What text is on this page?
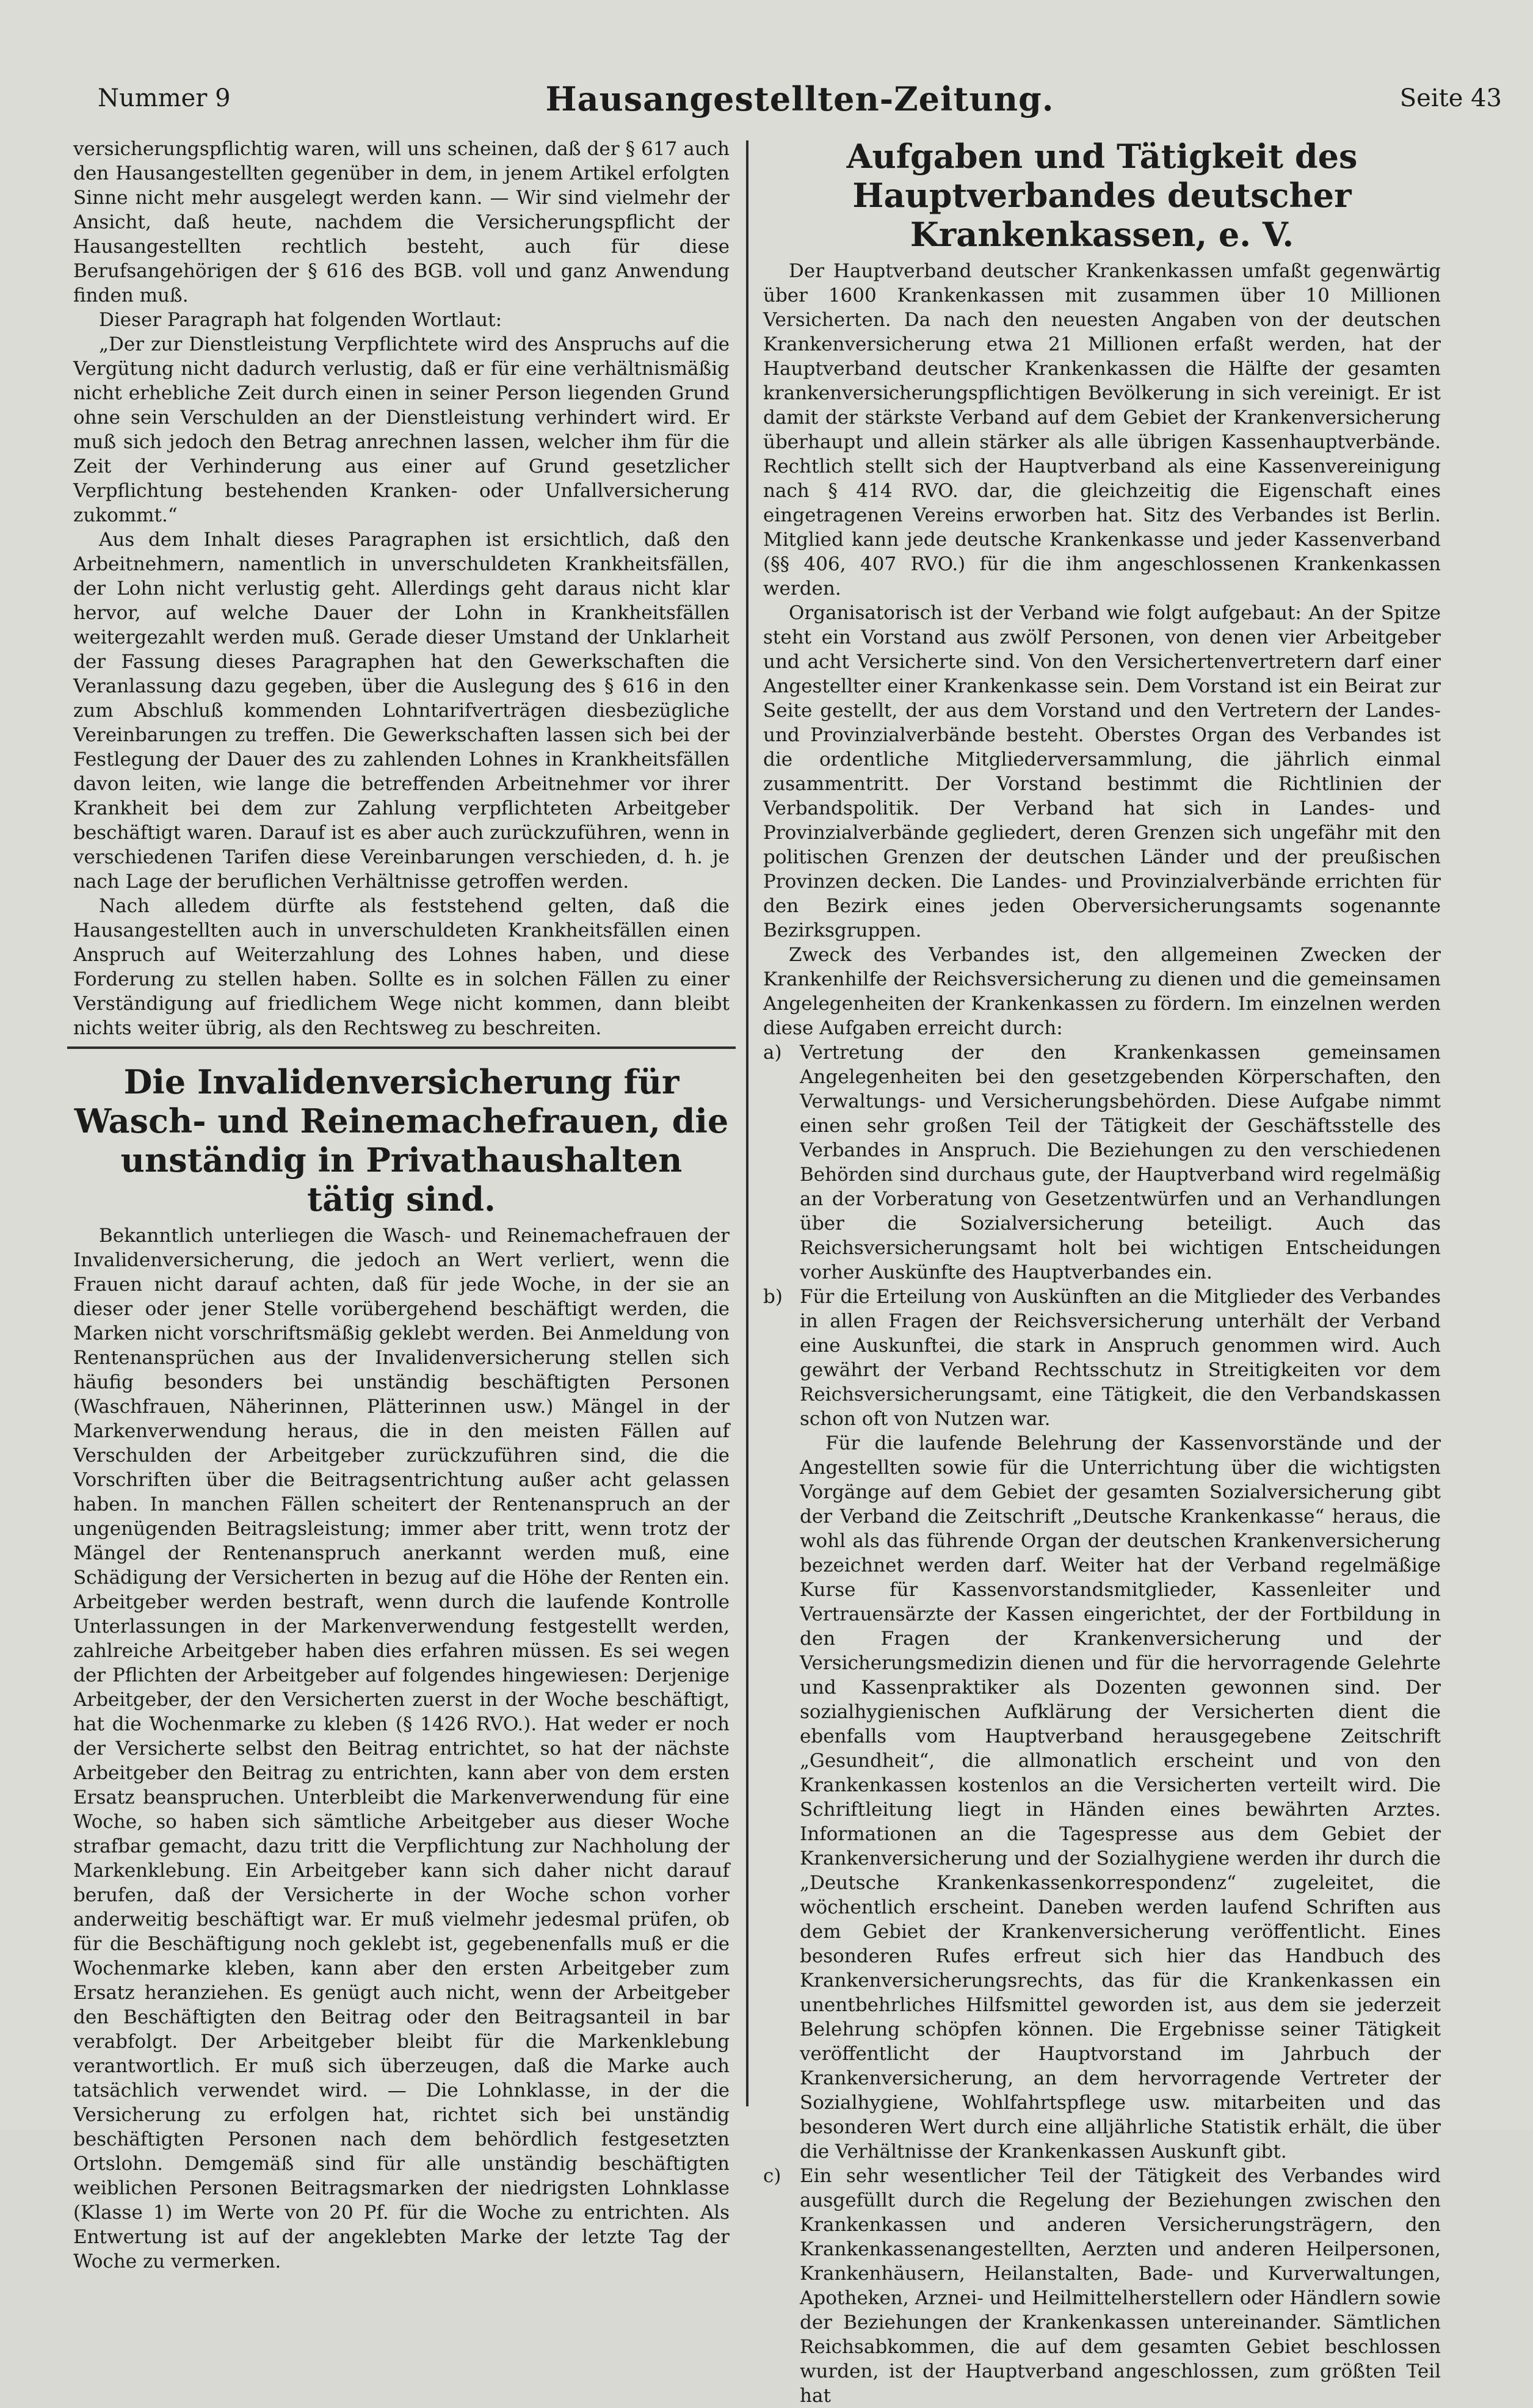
Nummer 9	Hausangestellten-Zeitung.	Seite 43

versicherungspflichtig waren, will uns scheinen, daß der § 617 auch den Hausangestellten gegenüber in dem, in jenem Artikel erfolgten Sinne nicht mehr ausgelegt werden kann. — Wir sind vielmehr der Ansicht, daß heute, nachdem die Versicherungspflicht der Hausangestellten rechtlich besteht, auch für diese Berufsangehörigen der § 616 des BGB. voll und ganz Anwendung finden muß.

Dieser Paragraph hat folgenden Wortlaut:

„Der zur Dienstleistung Verpflichtete wird des Anspruchs auf die Vergütung nicht dadurch verlustig, daß er für eine verhältnismäßig nicht erhebliche Zeit durch einen in seiner Person liegenden Grund ohne sein Verschulden an der Dienstleistung verhindert wird. Er muß sich jedoch den Betrag anrechnen lassen, welcher ihm für die Zeit der Verhinderung aus einer auf Grund gesetzlicher Verpflichtung bestehenden Kranken- oder Unfallversicherung zukommt.“

Aus dem Inhalt dieses Paragraphen ist ersichtlich, daß den Arbeitnehmern, namentlich in unverschuldeten Krankheitsfällen, der Lohn nicht verlustig geht. Allerdings geht daraus nicht klar hervor, auf welche Dauer der Lohn in Krankheitsfällen weitergezahlt werden muß. Gerade dieser Umstand der Unklarheit der Fassung dieses Paragraphen hat den Gewerkschaften die Veranlassung dazu gegeben, über die Auslegung des § 616 in den zum Abschluß kommenden Lohntarifverträgen diesbezügliche Vereinbarungen zu treffen. Die Gewerkschaften lassen sich bei der Festlegung der Dauer des zu zahlenden Lohnes in Krankheitsfällen davon leiten, wie lange die betreffenden Arbeitnehmer vor ihrer Krankheit bei dem zur Zahlung verpflichteten Arbeitgeber beschäftigt waren. Darauf ist es aber auch zurückzuführen, wenn in verschiedenen Tarifen diese Vereinbarungen verschieden, d. h. je nach Lage der beruflichen Verhältnisse getroffen werden.

Nach alledem dürfte als feststehend gelten, daß die Hausangestellten auch in unverschuldeten Krankheitsfällen einen Anspruch auf Weiterzahlung des Lohnes haben, und diese Forderung zu stellen haben. Sollte es in solchen Fällen zu einer Verständigung auf friedlichem Wege nicht kommen, dann bleibt nichts weiter übrig, als den Rechtsweg zu beschreiten.

Die Invalidenversicherung für Wasch- und Reinemachefrauen, die unständig in Privathaushalten tätig sind.

Bekanntlich unterliegen die Wasch- und Reinemachefrauen der Invalidenversicherung, die jedoch an Wert verliert, wenn die Frauen nicht darauf achten, daß für jede Woche, in der sie an dieser oder jener Stelle vorübergehend beschäftigt werden, die Marken nicht vorschriftsmäßig geklebt werden. Bei Anmeldung von Rentenansprüchen aus der Invalidenversicherung stellen sich häufig besonders bei unständig beschäftigten Personen (Waschfrauen, Näherinnen, Plätterinnen usw.) Mängel in der Markenverwendung heraus, die in den meisten Fällen auf Verschulden der Arbeitgeber zurückzuführen sind, die die Vorschriften über die Beitragsentrichtung außer acht gelassen haben. In manchen Fällen scheitert der Rentenanspruch an der ungenügenden Beitragsleistung; immer aber tritt, wenn trotz der Mängel der Rentenanspruch anerkannt werden muß, eine Schädigung der Versicherten in bezug auf die Höhe der Renten ein. Arbeitgeber werden bestraft, wenn durch die laufende Kontrolle Unterlassungen in der Markenverwendung festgestellt werden, zahlreiche Arbeitgeber haben dies erfahren müssen. Es sei wegen der Pflichten der Arbeitgeber auf folgendes hingewiesen: Derjenige Arbeitgeber, der den Versicherten zuerst in der Woche beschäftigt, hat die Wochenmarke zu kleben (§ 1426 RVO.). Hat weder er noch der Versicherte selbst den Beitrag entrichtet, so hat der nächste Arbeitgeber den Beitrag zu entrichten, kann aber von dem ersten Ersatz beanspruchen. Unterbleibt die Markenverwendung für eine Woche, so haben sich sämtliche Arbeitgeber aus dieser Woche strafbar gemacht, dazu tritt die Verpflichtung zur Nachholung der Markenklebung. Ein Arbeitgeber kann sich daher nicht darauf berufen, daß der Versicherte in der Woche schon vorher anderweitig beschäftigt war. Er muß vielmehr jedesmal prüfen, ob für die Beschäftigung noch geklebt ist, gegebenenfalls muß er die Wochenmarke kleben, kann aber den ersten Arbeitgeber zum Ersatz heranziehen. Es genügt auch nicht, wenn der Arbeitgeber den Beschäftigten den Beitrag oder den Beitragsanteil in bar verabfolgt. Der Arbeitgeber bleibt für die Markenklebung verantwortlich. Er muß sich überzeugen, daß die Marke auch tatsächlich verwendet wird. — Die Lohnklasse, in der die Versicherung zu erfolgen hat, richtet sich bei unständig beschäftigten Personen nach dem behördlich festgesetzten Ortslohn. Demgemäß sind für alle unständig beschäftigten weiblichen Personen Beitragsmarken der niedrigsten Lohnklasse (Klasse 1) im Werte von 20 Pf. für die Woche zu entrichten. Als Entwertung ist auf der angeklebten Marke der letzte Tag der Woche zu vermerken.

Aufgaben und Tätigkeit des Hauptverbandes deutscher Krankenkassen, e. V.

Der Hauptverband deutscher Krankenkassen umfaßt gegenwärtig über 1600 Krankenkassen mit zusammen über 10 Millionen Versicherten. Da nach den neuesten Angaben von der deutschen Krankenversicherung etwa 21 Millionen erfaßt werden, hat der Hauptverband deutscher Krankenkassen die Hälfte der gesamten krankenversicherungspflichtigen Bevölkerung in sich vereinigt. Er ist damit der stärkste Verband auf dem Gebiet der Krankenversicherung überhaupt und allein stärker als alle übrigen Kassenhauptverbände. Rechtlich stellt sich der Hauptverband als eine Kassenvereinigung nach § 414 RVO. dar, die gleichzeitig die Eigenschaft eines eingetragenen Vereins erworben hat. Sitz des Verbandes ist Berlin. Mitglied kann jede deutsche Krankenkasse und jeder Kassenverband (§§ 406, 407 RVO.) für die ihm angeschlossenen Krankenkassen werden.

Organisatorisch ist der Verband wie folgt aufgebaut: An der Spitze steht ein Vorstand aus zwölf Personen, von denen vier Arbeitgeber und acht Versicherte sind. Von den Versichertenvertretern darf einer Angestellter einer Krankenkasse sein. Dem Vorstand ist ein Beirat zur Seite gestellt, der aus dem Vorstand und den Vertretern der Landes- und Provinzialverbände besteht. Oberstes Organ des Verbandes ist die ordentliche Mitgliederversammlung, die jährlich einmal zusammentritt. Der Vorstand bestimmt die Richtlinien der Verbandspolitik. Der Verband hat sich in Landes- und Provinzialverbände gegliedert, deren Grenzen sich ungefähr mit den politischen Grenzen der deutschen Länder und der preußischen Provinzen decken. Die Landes- und Provinzialverbände errichten für den Bezirk eines jeden Oberversicherungsamts sogenannte Bezirksgruppen.

Zweck des Verbandes ist, den allgemeinen Zwecken der Krankenhilfe der Reichsversicherung zu dienen und die gemeinsamen Angelegenheiten der Krankenkassen zu fördern. Im einzelnen werden diese Aufgaben erreicht durch:

a) Vertretung der den Krankenkassen gemeinsamen Angelegenheiten bei den gesetzgebenden Körperschaften, den Verwaltungs- und Versicherungsbehörden. Diese Aufgabe nimmt einen sehr großen Teil der Tätigkeit der Geschäftsstelle des Verbandes in Anspruch. Die Beziehungen zu den verschiedenen Behörden sind durchaus gute, der Hauptverband wird regelmäßig an der Vorberatung von Gesetzentwürfen und an Verhandlungen über die Sozialversicherung beteiligt. Auch das Reichsversicherungsamt holt bei wichtigen Entscheidungen vorher Auskünfte des Hauptverbandes ein.

b) Für die Erteilung von Auskünften an die Mitglieder des Verbandes in allen Fragen der Reichsversicherung unterhält der Verband eine Auskunftei, die stark in Anspruch genommen wird. Auch gewährt der Verband Rechtsschutz in Streitigkeiten vor dem Reichsversicherungsamt, eine Tätigkeit, die den Verbandskassen schon oft von Nutzen war.

Für die laufende Belehrung der Kassenvorstände und der Angestellten sowie für die Unterrichtung über die wichtigsten Vorgänge auf dem Gebiet der gesamten Sozialversicherung gibt der Verband die Zeitschrift „Deutsche Krankenkasse“ heraus, die wohl als das führende Organ der deutschen Krankenversicherung bezeichnet werden darf. Weiter hat der Verband regelmäßige Kurse für Kassenvorstandsmitglieder, Kassenleiter und Vertrauensärzte der Kassen eingerichtet, der der Fortbildung in den Fragen der Krankenversicherung und der Versicherungsmedizin dienen und für die hervorragende Gelehrte und Kassenpraktiker als Dozenten gewonnen sind. Der sozialhygienischen Aufklärung der Versicherten dient die ebenfalls vom Hauptverband herausgegebene Zeitschrift „Gesundheit“, die allmonatlich erscheint und von den Krankenkassen kostenlos an die Versicherten verteilt wird. Die Schriftleitung liegt in Händen eines bewährten Arztes. Informationen an die Tagespresse aus dem Gebiet der Krankenversicherung und der Sozialhygiene werden ihr durch die „Deutsche Krankenkassenkorrespondenz“ zugeleitet, die wöchentlich erscheint. Daneben werden laufend Schriften aus dem Gebiet der Krankenversicherung veröffentlicht. Eines besonderen Rufes erfreut sich hier das Handbuch des Krankenversicherungsrechts, das für die Krankenkassen ein unentbehrliches Hilfsmittel geworden ist, aus dem sie jederzeit Belehrung schöpfen können. Die Ergebnisse seiner Tätigkeit veröffentlicht der Hauptvorstand im Jahrbuch der Krankenversicherung, an dem hervorragende Vertreter der Sozialhygiene, Wohlfahrtspflege usw. mitarbeiten und das besonderen Wert durch eine alljährliche Statistik erhält, die über die Verhältnisse der Krankenkassen Auskunft gibt.

c) Ein sehr wesentlicher Teil der Tätigkeit des Verbandes wird ausgefüllt durch die Regelung der Beziehungen zwischen den Krankenkassen und anderen Versicherungsträgern, den Krankenkassenangestellten, Aerzten und anderen Heilpersonen, Krankenhäusern, Heilanstalten, Bade- und Kurverwaltungen, Apotheken, Arznei- und Heilmittelherstellern oder Händlern sowie der Beziehungen der Krankenkassen untereinander. Sämtlichen Reichsabkommen, die auf dem gesamten Gebiet beschlossen wurden, ist der Hauptverband angeschlossen, zum größten Teil hat
